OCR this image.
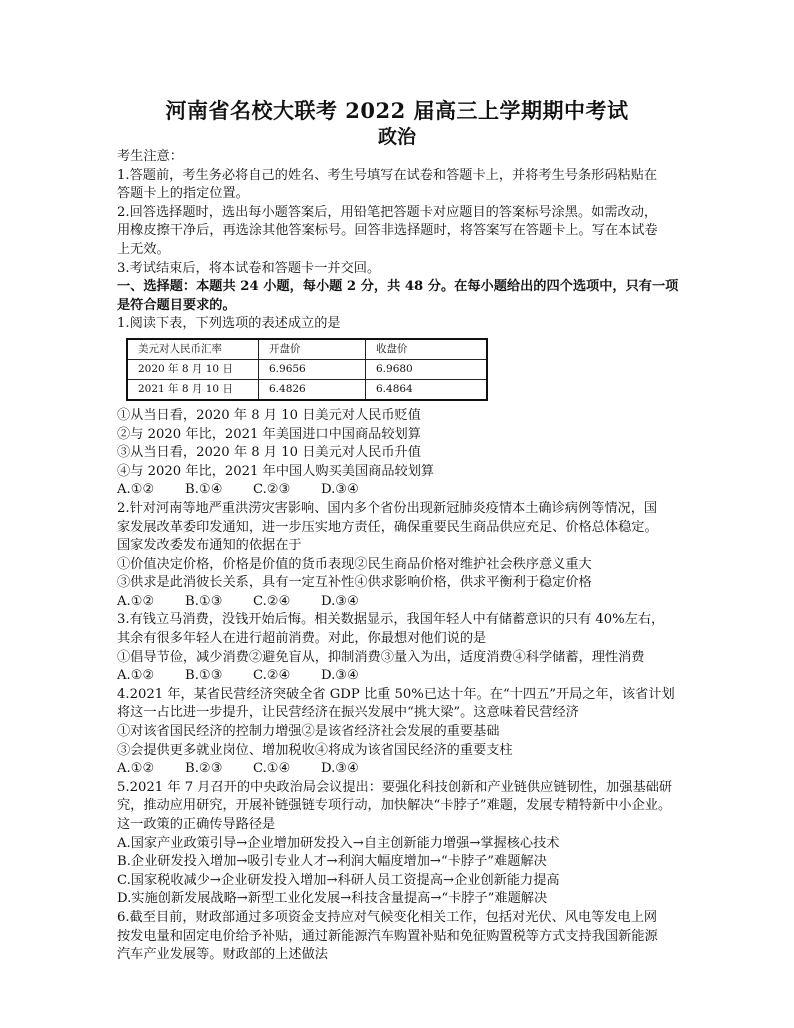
河南省名校大联考 2022 届高三上学期期中考试
政治

考生注意：

1.答题前，考生务必将自己的姓名、考生号填写在试卷和答题卡上，并将考生号条形码粘贴在

答题卡上的指定位置。

2.回答选择题时，选出每小题答案后，用铅笔把答题卡对应题目的答案标号涂黑。如需改动，

用橡皮擦干净后，再选涂其他答案标号。回答非选择题时，将答案写在答题卡上。写在本试卷

上无效。

3.考试结束后，将本试卷和答题卡一并交回。

一、选择题：本题共 24 小题，每小题 2 分，共 48 分。在每小题给出的四个选项中，只有一项

是符合题目要求的。

1.阅读下表，下列选项的表述成立的是

美元对人民币汇率	开盘价	收盘价
2020 年 8 月 10 日	6.9656	6.9680
2021 年 8 月 10 日	6.4826	6.4864

①从当日看，2020 年 8 月 10 日美元对人民币贬值

②与 2020 年比，2021 年美国进口中国商品较划算

③从当日看，2020 年 8 月 10 日美元对人民币升值

④与 2020 年比，2021 年中国人购买美国商品较划算

A.①② B.①④ C.②③ D.③④

2.针对河南等地严重洪涝灾害影响、国内多个省份出现新冠肺炎疫情本土确诊病例等情况，国

家发展改革委印发通知，进一步压实地方责任，确保重要民生商品供应充足、价格总体稳定。

国家发改委发布通知的依据在于

①价值决定价格，价格是价值的货币表现②民生商品价格对维护社会秩序意义重大

③供求是此消彼长关系，具有一定互补性④供求影响价格，供求平衡利于稳定价格

A.①② B.①③ C.②④ D.③④

3.有钱立马消费，没钱开始后悔。相关数据显示，我国年轻人中有储蓄意识的只有 40%左右，

其余有很多年轻人在进行超前消费。对此，你最想对他们说的是

①倡导节俭，减少消费②避免盲从，抑制消费③量入为出，适度消费④科学储蓄，理性消费

A.①② B.①③ C.②④ D.③④

4.2021 年，某省民营经济突破全省 GDP 比重 50%已达十年。在“十四五”开局之年，该省计划

将这一占比进一步提升，让民营经济在振兴发展中“挑大梁”。这意味着民营经济

①对该省国民经济的控制力增强②是该省经济社会发展的重要基础

③会提供更多就业岗位、增加税收④将成为该省国民经济的重要支柱

A.①② B.②③ C.①④ D.③④

5.2021 年 7 月召开的中央政治局会议提出：要强化科技创新和产业链供应链韧性，加强基础研

究，推动应用研究，开展补链强链专项行动，加快解决“卡脖子”难题，发展专精特新中小企业。

这一政策的正确传导路径是

A.国家产业政策引导→企业增加研发投入→自主创新能力增强→掌握核心技术

B.企业研发投入增加→吸引专业人才→利润大幅度增加→“卡脖子”难题解决

C.国家税收减少→企业研发投入增加→科研人员工资提高→企业创新能力提高

D.实施创新发展战略→新型工业化发展→科技含量提高→“卡脖子”难题解决

6.截至目前，财政部通过多项资金支持应对气候变化相关工作，包括对光伏、风电等发电上网

按发电量和固定电价给予补贴，通过新能源汽车购置补贴和免征购置税等方式支持我国新能源

汽车产业发展等。财政部的上述做法
